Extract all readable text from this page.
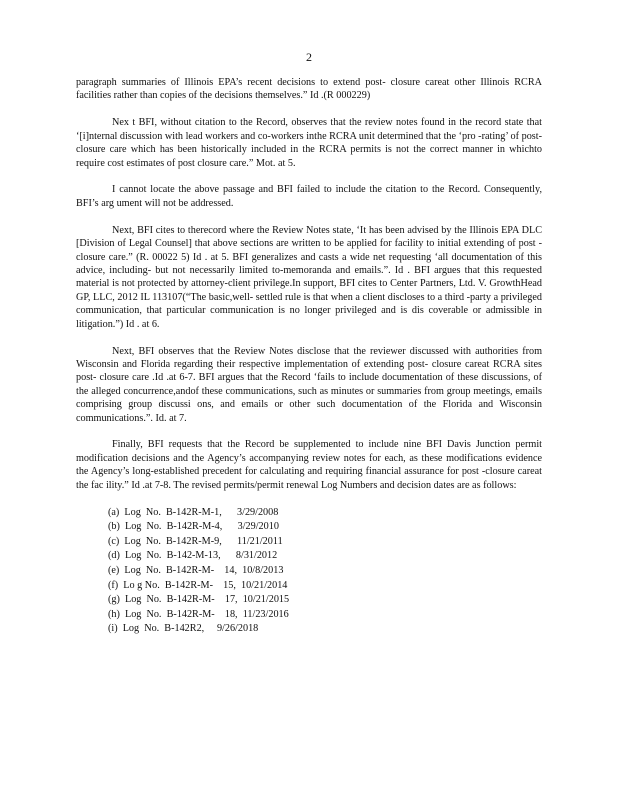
2

paragraph summaries of Illinois EPA’s recent decisions to extend post- closure careat other Illinois RCRA facilities rather than copies of the decisions themselves.” Id .(R 000229)

Nex t BFI, without citation to the Record, observes that the review notes found in the record state that ‘[i]nternal discussion with lead workers and co-workers inthe RCRA unit determined that the ‘pro -rating’ of post- closure care which has been historically included in the RCRA permits is not the correct manner in whichto require cost estimates of post closure care.” Mot. at 5.

I cannot locate the above passage and BFI failed to include the citation to the Record. Consequently, BFI’s arg ument will not be addressed.

Next, BFI cites to therecord where the Review Notes state, ‘It has been advised by the Illinois EPA DLC [Division of Legal Counsel] that above sections are written to be applied for facility to initial extending of post -closure care.” (R. 00022 5) Id . at 5. BFI generalizes and casts a wide net requesting ‘all documentation of this advice, including- but not necessarily limited to-memoranda and emails.”. Id . BFI argues that this requested material is not protected by attorney-client privilege.In support, BFI cites to Center Partners, Ltd. V. GrowthHead GP, LLC, 2012 IL 113107(“The basic,well- settled rule is that when a client discloses to a third -party a privileged communication, that particular communication is no longer privileged and is dis coverable or admissible in litigation.”) Id . at 6.

Next, BFI observes that the Review Notes disclose that the reviewer discussed with authorities from Wisconsin and Florida regarding their respective implementation of extending post- closure careat RCRA sites post- closure care .Id .at 6-7. BFI argues that the Record ‘fails to include documentation of these discussions, of the alleged concurrence,andof these communications, such as minutes or summaries from group meetings, emails comprising group discussi ons, and emails or other such documentation of the Florida and Wisconsin communications.”. Id. at 7.

Finally, BFI requests that the Record be supplemented to include nine BFI Davis Junction permit modification decisions and the Agency’s accompanying review notes for each, as these modifications evidence the Agency’s long-established precedent for calculating and requiring financial assurance for post -closure careat the fac ility.” Id .at 7-8. The revised permits/permit renewal Log Numbers and decision dates are as follows:

(a)  Log  No.  B-142R-M-1,      3/29/2008
(b)  Log  No.  B-142R-M-4,      3/29/2010
(c)  Log  No.  B-142R-M-9,      11/21/2011
(d)  Log  No.  B-142-M-13,      8/31/2012
(e)  Log  No.  B-142R-M-    14,  10/8/2013
(f)  Lo g No.  B-142R-M-    15,  10/21/2014
(g)  Log  No.  B-142R-M-    17,  10/21/2015
(h)  Log  No.  B-142R-M-    18,  11/23/2016
(i)  Log  No.  B-142R2,     9/26/2018
